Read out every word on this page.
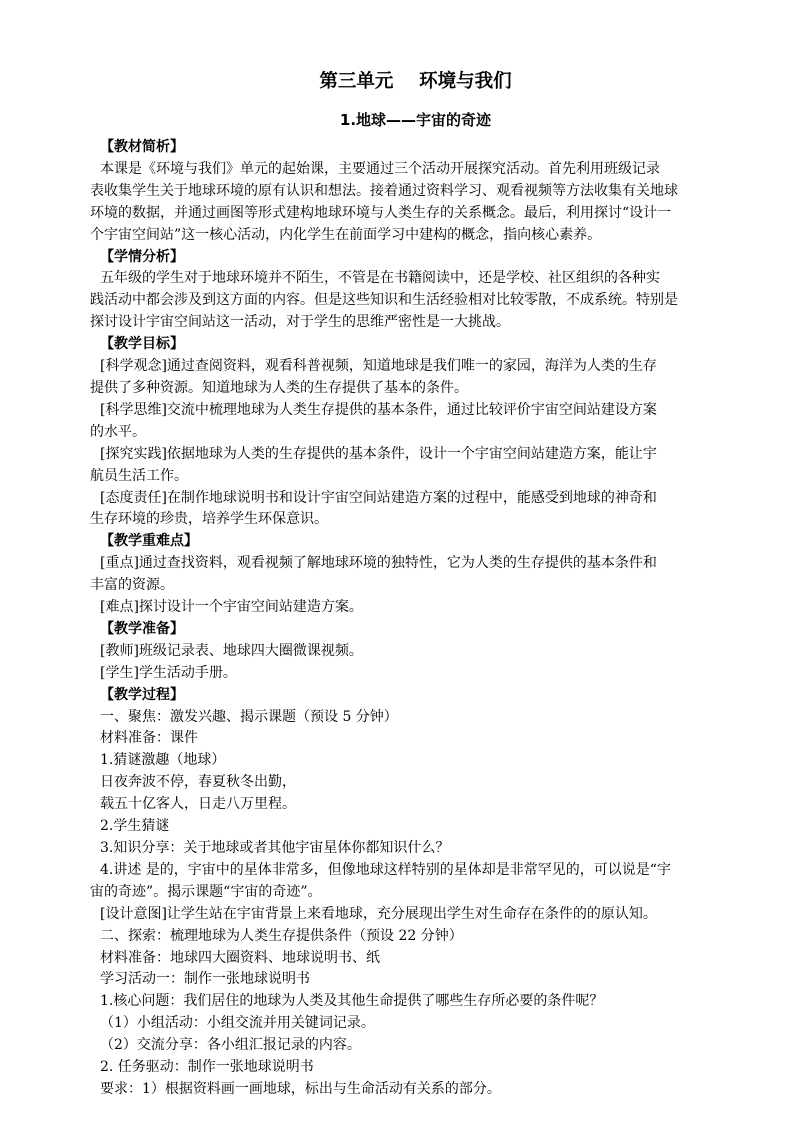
第三单元    环境与我们
1.地球——宇宙的奇迹
【教材简析】
本课是《环境与我们》单元的起始课，主要通过三个活动开展探究活动。首先利用班级记录
表收集学生关于地球环境的原有认识和想法。接着通过资料学习、观看视频等方法收集有关地球
环境的数据，并通过画图等形式建构地球环境与人类生存的关系概念。最后，利用探讨“设计一
个宇宙空间站”这一核心活动，内化学生在前面学习中建构的概念，指向核心素养。
【学情分析】
五年级的学生对于地球环境并不陌生，不管是在书籍阅读中，还是学校、社区组织的各种实
践活动中都会涉及到这方面的内容。但是这些知识和生活经验相对比较零散，不成系统。特别是
探讨设计宇宙空间站这一活动，对于学生的思维严密性是一大挑战。
【教学目标】
[科学观念]通过查阅资料，观看科普视频，知道地球是我们唯一的家园，海洋为人类的生存
提供了多种资源。知道地球为人类的生存提供了基本的条件。
[科学思维]交流中梳理地球为人类生存提供的基本条件，通过比较评价宇宙空间站建设方案
的水平。
[探究实践]依据地球为人类的生存提供的基本条件，设计一个宇宙空间站建造方案，能让宇
航员生活工作。
[态度责任]在制作地球说明书和设计宇宙空间站建造方案的过程中，能感受到地球的神奇和
生存环境的珍贵，培养学生环保意识。
【教学重难点】
[重点]通过查找资料，观看视频了解地球环境的独特性，它为人类的生存提供的基本条件和
丰富的资源。
[难点]探讨设计一个宇宙空间站建造方案。
【教学准备】
[教师]班级记录表、地球四大圈微课视频。
[学生]学生活动手册。
【教学过程】
一、聚焦：激发兴趣、揭示课题（预设 5 分钟）
材料准备：课件
1.猜谜激趣（地球）
日夜奔波不停，春夏秋冬出勤，
载五十亿客人，日走八万里程。
2.学生猜谜
3.知识分享：关于地球或者其他宇宙星体你都知识什么？
4.讲述 是的，宇宙中的星体非常多，但像地球这样特别的星体却是非常罕见的，可以说是“宇
宙的奇迹”。揭示课题“宇宙的奇迹”。
[设计意图]让学生站在宇宙背景上来看地球，充分展现出学生对生命存在条件的的原认知。
二、探索：梳理地球为人类生存提供条件（预设 22 分钟）
材料准备：地球四大圈资料、地球说明书、纸
学习活动一：制作一张地球说明书
1.核心问题：我们居住的地球为人类及其他生命提供了哪些生存所必要的条件呢？
（1）小组活动：小组交流并用关键词记录。
（2）交流分享：各小组汇报记录的内容。
2. 任务驱动：制作一张地球说明书
要求：1）根据资料画一画地球，标出与生命活动有关系的部分。
